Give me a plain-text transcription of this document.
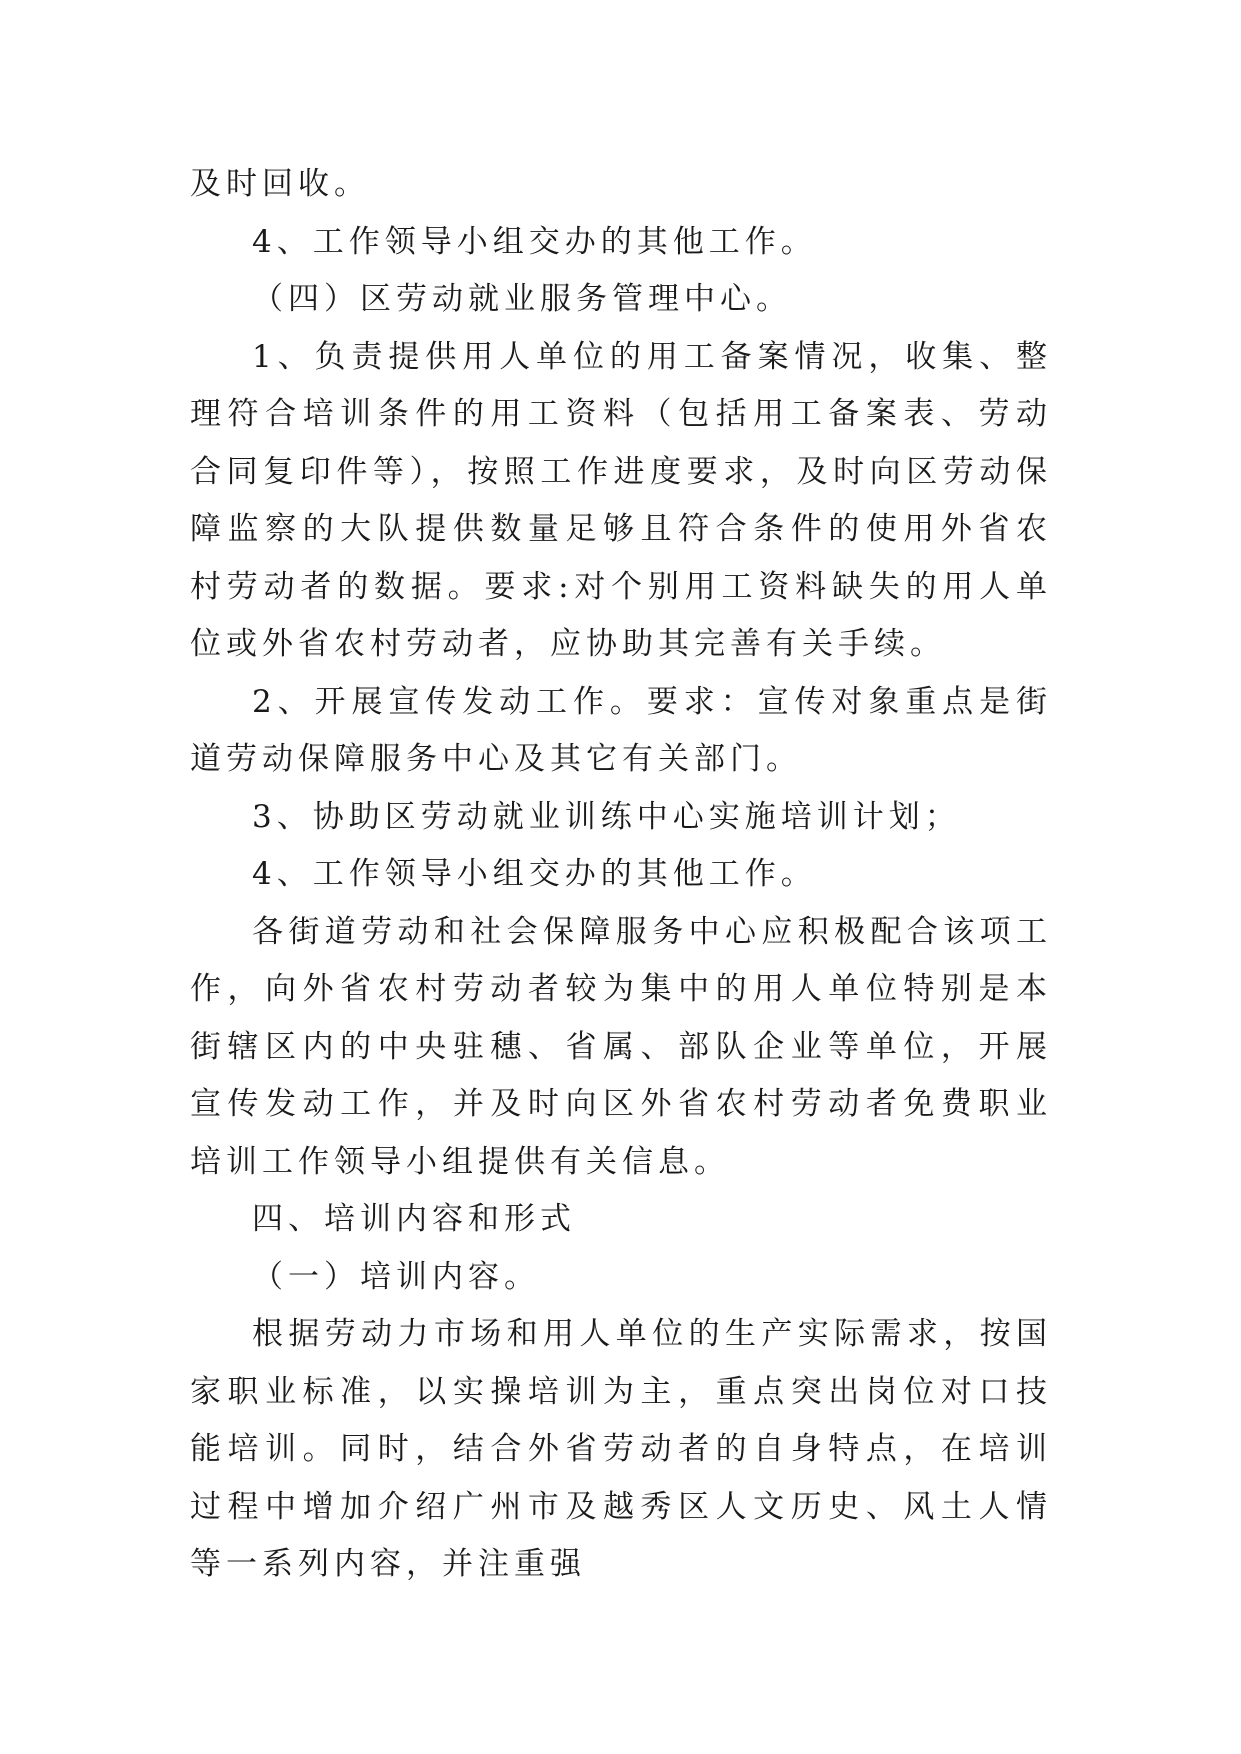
及时回收。

4、工作领导小组交办的其他工作。

（四）区劳动就业服务管理中心。

1、负责提供用人单位的用工备案情况，收集、整理符合培训条件的用工资料（包括用工备案表、劳动合同复印件等），按照工作进度要求，及时向区劳动保障监察的大队提供数量足够且符合条件的使用外省农村劳动者的数据。要求:对个别用工资料缺失的用人单位或外省农村劳动者，应协助其完善有关手续。

2、开展宣传发动工作。要求：宣传对象重点是街道劳动保障服务中心及其它有关部门。

3、协助区劳动就业训练中心实施培训计划；

4、工作领导小组交办的其他工作。

各街道劳动和社会保障服务中心应积极配合该项工作，向外省农村劳动者较为集中的用人单位特别是本街辖区内的中央驻穗、省属、部队企业等单位，开展宣传发动工作，并及时向区外省农村劳动者免费职业培训工作领导小组提供有关信息。

四、培训内容和形式

（一）培训内容。

根据劳动力市场和用人单位的生产实际需求，按国家职业标准，以实操培训为主，重点突出岗位对口技能培训。同时，结合外省劳动者的自身特点，在培训过程中增加介绍广州市及越秀区人文历史、风土人情等一系列内容，并注重强
